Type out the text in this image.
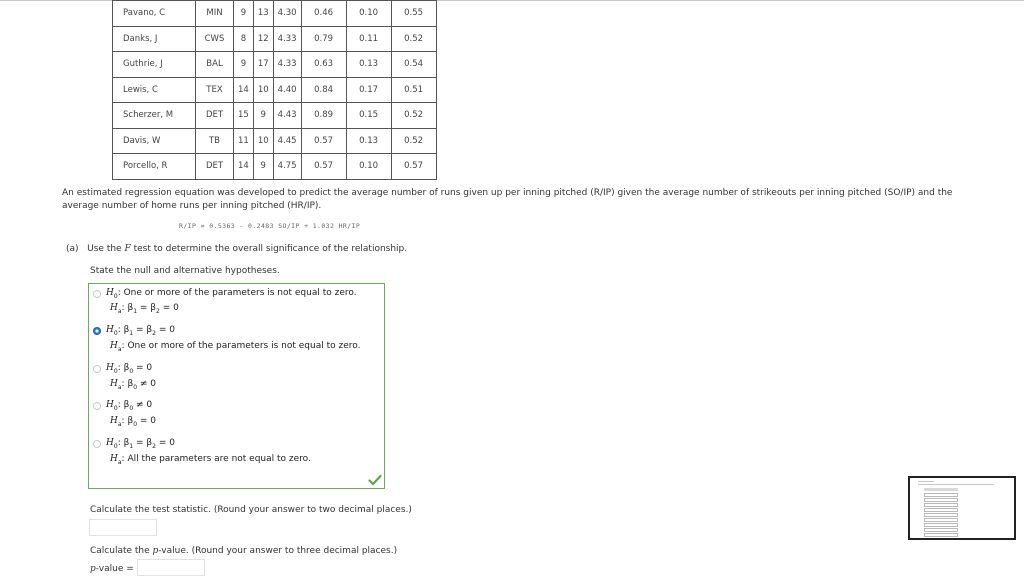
Pavano, C	MIN	9	13	4.30	0.46	0.10	0.55
Danks, J	CWS	8	12	4.33	0.79	0.11	0.52
Guthrie, J	BAL	9	17	4.33	0.63	0.13	0.54
Lewis, C	TEX	14	10	4.40	0.84	0.17	0.51
Scherzer, M	DET	15	9	4.43	0.89	0.15	0.52
Davis, W	TB	11	10	4.45	0.57	0.13	0.52
Porcello, R	DET	14	9	4.75	0.57	0.10	0.57
An estimated regression equation was developed to predict the average number of runs given up per inning pitched (R/IP) given the average number of strikeouts per inning pitched (SO/IP) and the average number of home runs per inning pitched (HR/IP).
R/IP = 0.5363 - 0.2483 SO/IP + 1.032 HR/IP
(a) Use the F test to determine the overall significance of the relationship.
State the null and alternative hypotheses.
$H_0$: One or more of the parameters is not equal to zero.
$H_a$: $\beta_1 = \beta_2 = 0$
$H_0$: $\beta_1 = \beta_2 = 0$
$H_a$: One or more of the parameters is not equal to zero.
$H_0$: $\beta_0 = 0$
$H_a$: $\beta_0 \ne 0$
$H_0$: $\beta_0 \ne 0$
$H_a$: $\beta_0 = 0$
$H_0$: $\beta_1 = \beta_2 = 0$
$H_a$: All the parameters are not equal to zero.
Calculate the test statistic. (Round your answer to two decimal places.)
Calculate the p-value. (Round your answer to three decimal places.)
p-value =
